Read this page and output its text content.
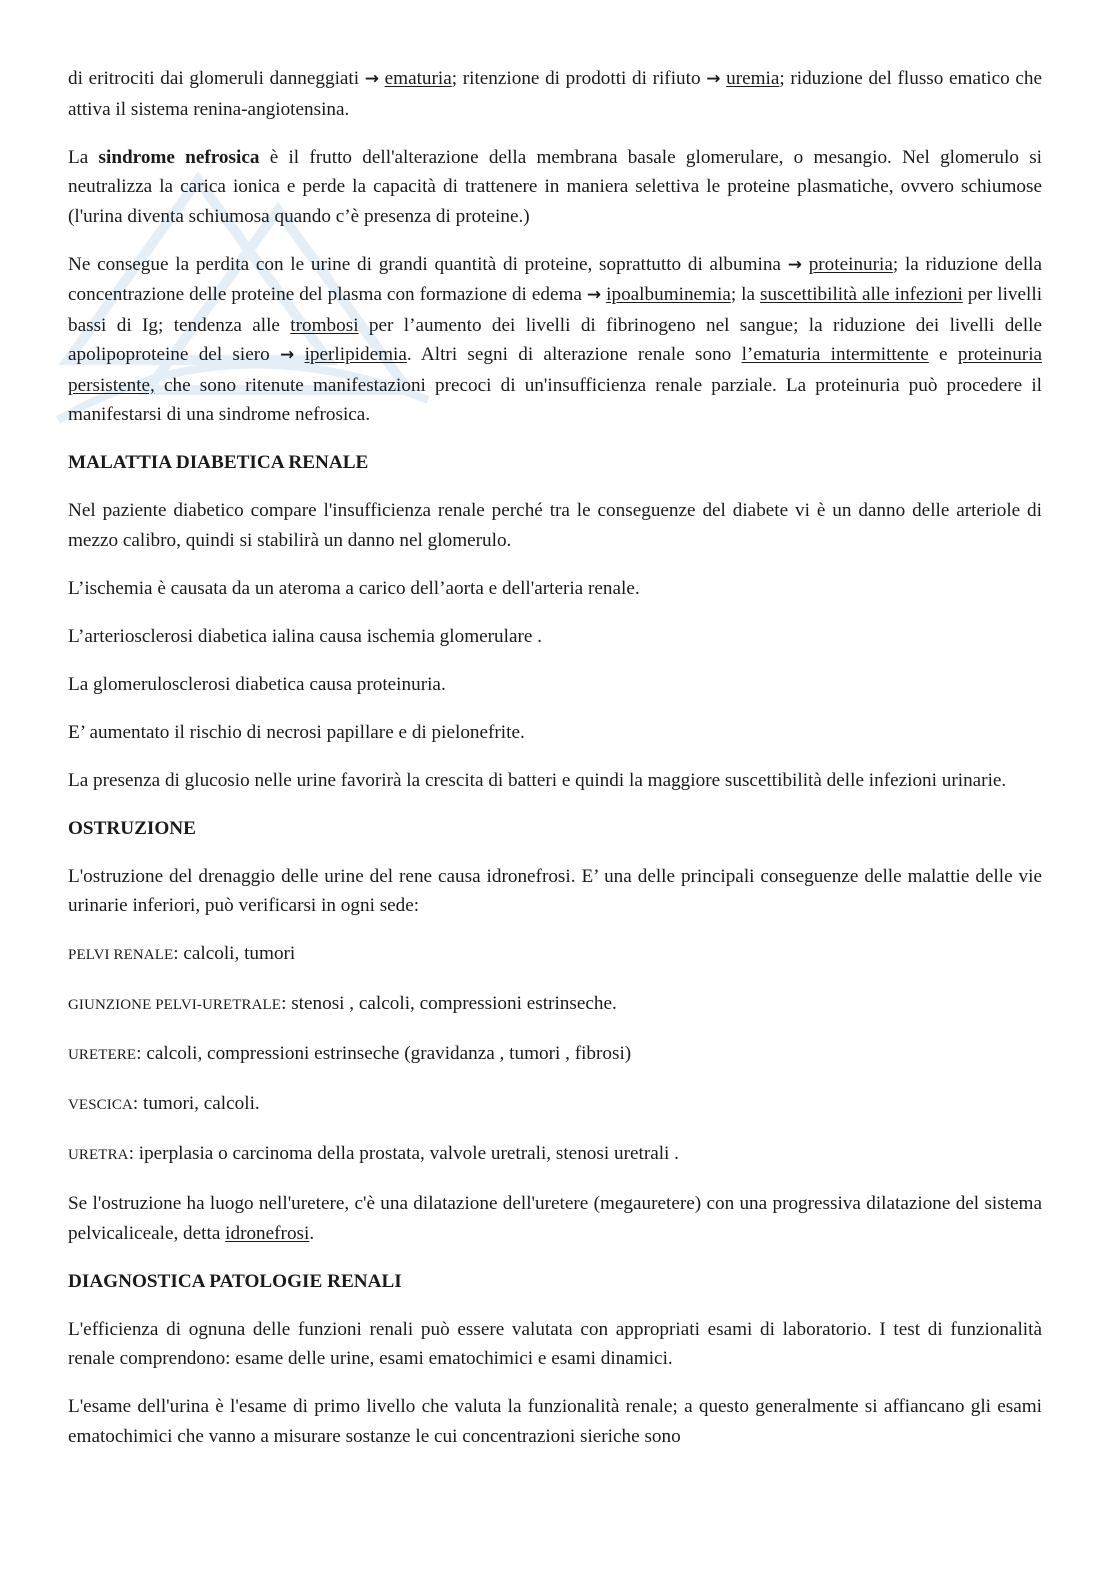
di eritrociti dai glomeruli danneggiati → ematuria; ritenzione di prodotti di rifiuto → uremia; riduzione del flusso ematico che attiva il sistema renina-angiotensina.

La sindrome nefrosica è il frutto dell'alterazione della membrana basale glomerulare, o mesangio. Nel glomerulo si neutralizza la carica ionica e perde la capacità di trattenere in maniera selettiva le proteine plasmatiche, ovvero schiumose (l'urina diventa schiumosa quando c’è presenza di proteine.)

Ne consegue la perdita con le urine di grandi quantità di proteine, soprattutto di albumina → proteinuria; la riduzione della concentrazione delle proteine del plasma con formazione di edema → ipoalbuminemia; la suscettibilità alle infezioni per livelli bassi di Ig; tendenza alle trombosi per l’aumento dei livelli di fibrinogeno nel sangue; la riduzione dei livelli delle apolipoproteine del siero → iperlipidemia. Altri segni di alterazione renale sono l’ematuria intermittente e proteinuria persistente, che sono ritenute manifestazioni precoci di un'insufficienza renale parziale. La proteinuria può procedere il manifestarsi di una sindrome nefrosica.

MALATTIA DIABETICA RENALE

Nel paziente diabetico compare l'insufficienza renale perché tra le conseguenze del diabete vi è un danno delle arteriole di mezzo calibro, quindi si stabilirà un danno nel glomerulo.

L’ischemia è causata da un ateroma a carico dell’aorta e dell'arteria renale.

L’arteriosclerosi diabetica ialina causa ischemia glomerulare .

La glomerulosclerosi diabetica causa proteinuria.

E’ aumentato il rischio di necrosi papillare e di pielonefrite.

La presenza di glucosio nelle urine favorirà la crescita di batteri e quindi la maggiore suscettibilità delle infezioni urinarie.

OSTRUZIONE

L'ostruzione del drenaggio delle urine del rene causa idronefrosi. E’ una delle principali conseguenze delle malattie delle vie urinarie inferiori, può verificarsi in ogni sede:

PELVI RENALE: calcoli, tumori

GIUNZIONE PELVI-URETRALE: stenosi , calcoli, compressioni estrinseche.

URETERE: calcoli, compressioni estrinseche (gravidanza , tumori , fibrosi)

VESCICA: tumori, calcoli.

URETRA: iperplasia o carcinoma della prostata, valvole uretrali, stenosi uretrali .

Se l'ostruzione ha luogo nell'uretere, c'è una dilatazione dell'uretere (megauretere) con una progressiva dilatazione del sistema pelvicaliceale, detta idronefrosi.

DIAGNOSTICA PATOLOGIE RENALI

L'efficienza di ognuna delle funzioni renali può essere valutata con appropriati esami di laboratorio. I test di funzionalità renale comprendono: esame delle urine, esami ematochimici e esami dinamici.

L'esame dell'urina è l'esame di primo livello che valuta la funzionalità renale; a questo generalmente si affiancano gli esami ematochimici che vanno a misurare sostanze le cui concentrazioni sieriche sono
